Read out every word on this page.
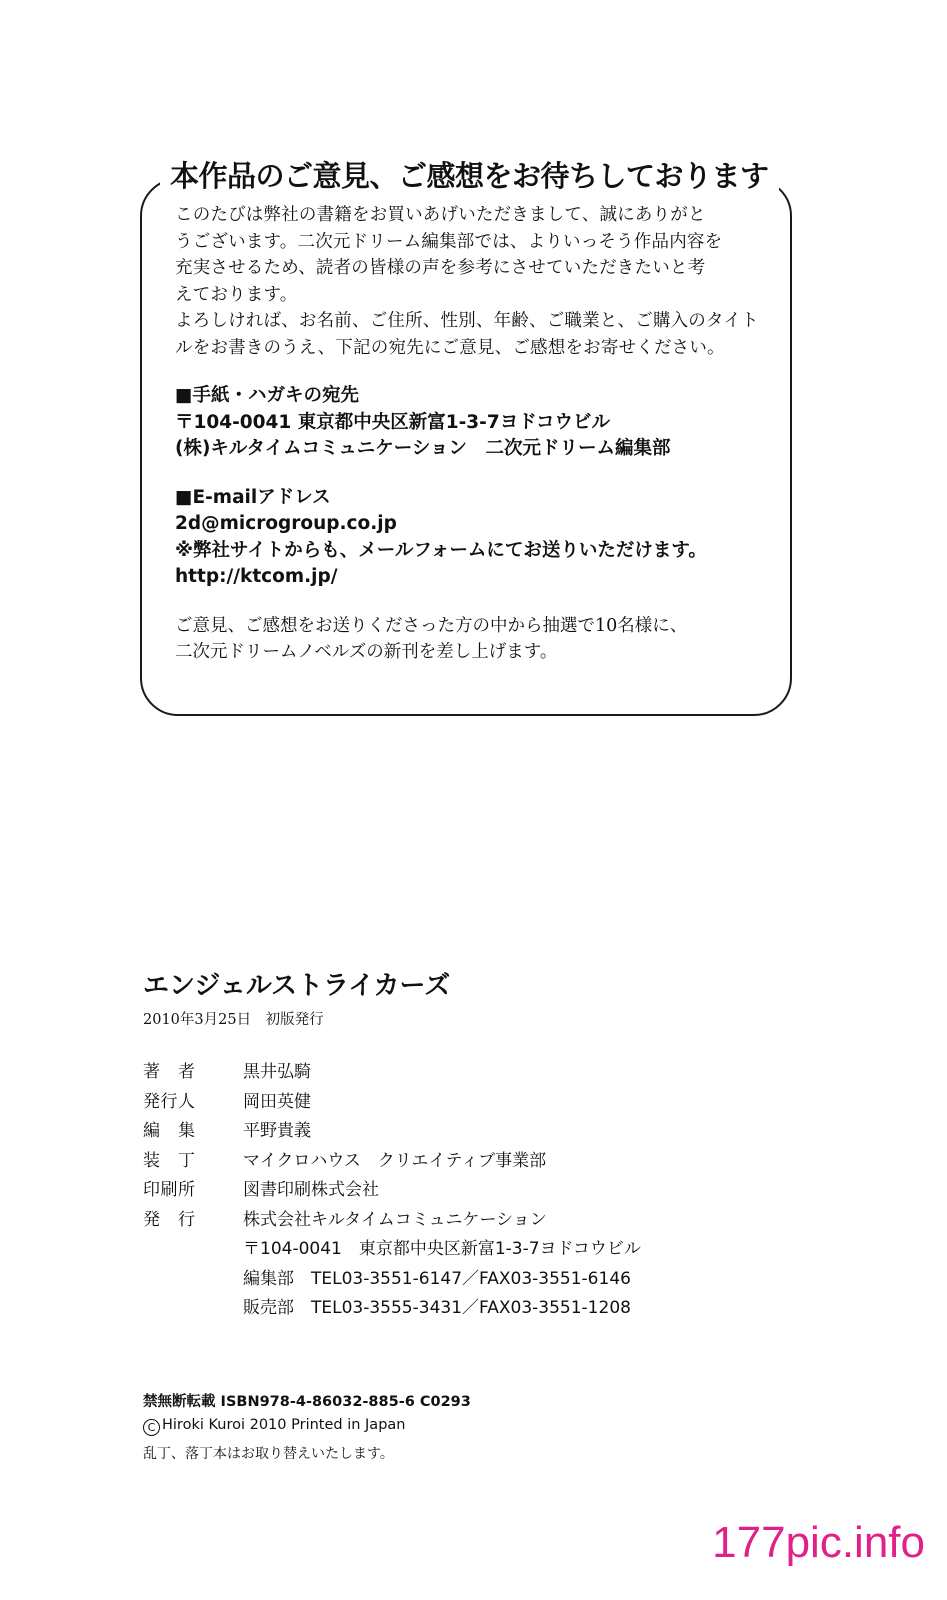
本作品のご意見、ご感想をお待ちしております
このたびは弊社の書籍をお買いあげいただきまして、誠にありがと
うございます。二次元ドリーム編集部では、よりいっそう作品内容を
充実させるため、読者の皆様の声を参考にさせていただきたいと考
えております。
よろしければ、お名前、ご住所、性別、年齢、ご職業と、ご購入のタイト
ルをお書きのうえ、下記の宛先にご意見、ご感想をお寄せください。
■手紙・ハガキの宛先
〒104-0041 東京都中央区新富1-3-7ヨドコウビル
(株)キルタイムコミュニケーション　二次元ドリーム編集部
■E-mailアドレス
2d@microgroup.co.jp
※弊社サイトからも、メールフォームにてお送りいただけます。
http://ktcom.jp/
ご意見、ご感想をお送りくださった方の中から抽選で10名様に、
二次元ドリームノベルズの新刊を差し上げます。
エンジェルストライカーズ
2010年3月25日　初版発行
著　者	黒井弘騎
発行人	岡田英健
編　集	平野貴義
装　丁	マイクロハウス　クリエイティブ事業部
印刷所	図書印刷株式会社
発　行	株式会社キルタイムコミュニケーション
〒104-0041　東京都中央区新富1-3-7ヨドコウビル
編集部　TEL03-3551-6147／FAX03-3551-6146
販売部　TEL03-3555-3431／FAX03-3551-1208
禁無断転載 ISBN978-4-86032-885-6 C0293
C Hiroki Kuroi 2010 Printed in Japan
乱丁、落丁本はお取り替えいたします。
177pic.info
